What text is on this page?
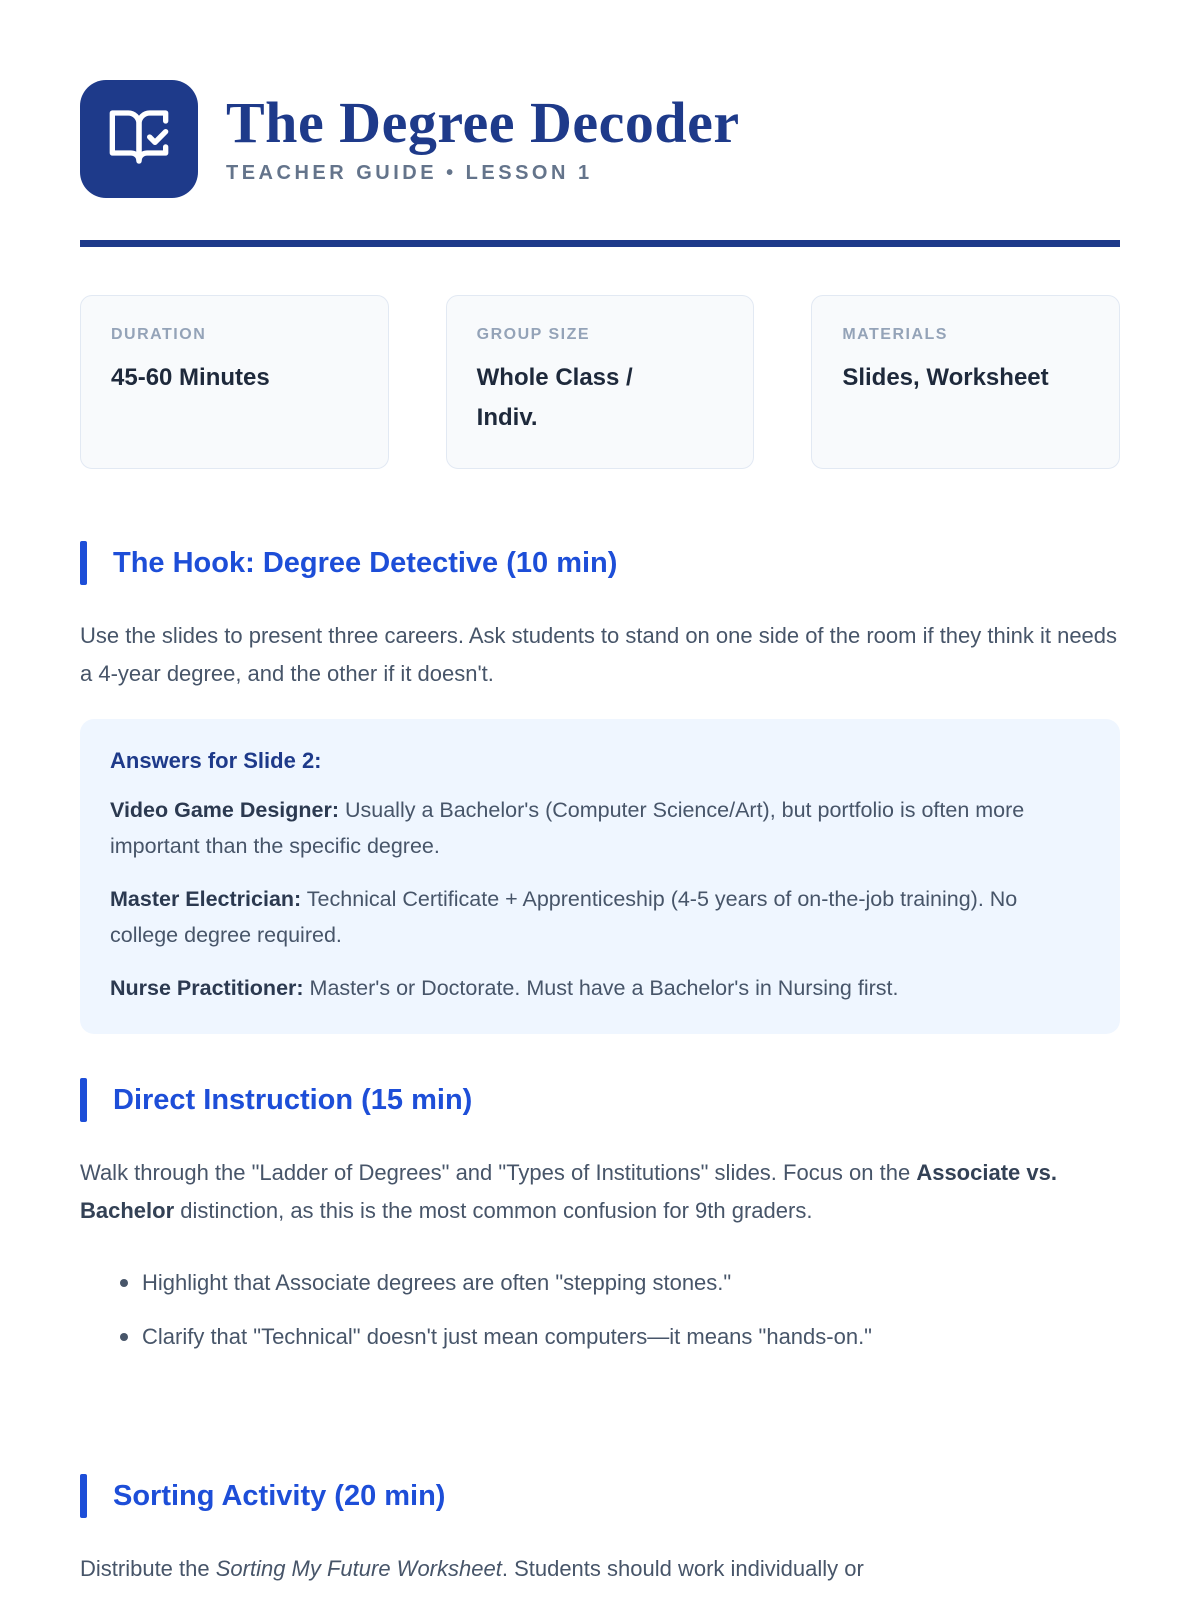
The Degree Decoder
TEACHER GUIDE • LESSON 1
DURATION
45-60 Minutes
GROUP SIZE
Whole Class / Indiv.
MATERIALS
Slides, Worksheet
The Hook: Degree Detective (10 min)

Use the slides to present three careers. Ask students to stand on one side of the room if they think it needs a 4-year degree, and the other if it doesn't.

Answers for Slide 2:

Video Game Designer: Usually a Bachelor's (Computer Science/Art), but portfolio is often more important than the specific degree.

Master Electrician: Technical Certificate + Apprenticeship (4-5 years of on-the-job training). No college degree required.

Nurse Practitioner: Master's or Doctorate. Must have a Bachelor's in Nursing first.

Direct Instruction (15 min)

Walk through the "Ladder of Degrees" and "Types of Institutions" slides. Focus on the Associate vs. Bachelor distinction, as this is the most common confusion for 9th graders.

Highlight that Associate degrees are often "stepping stones."
Clarify that "Technical" doesn't just mean computers—it means "hands-on."
Sorting Activity (20 min)

Distribute the Sorting My Future Worksheet. Students should work individually or
